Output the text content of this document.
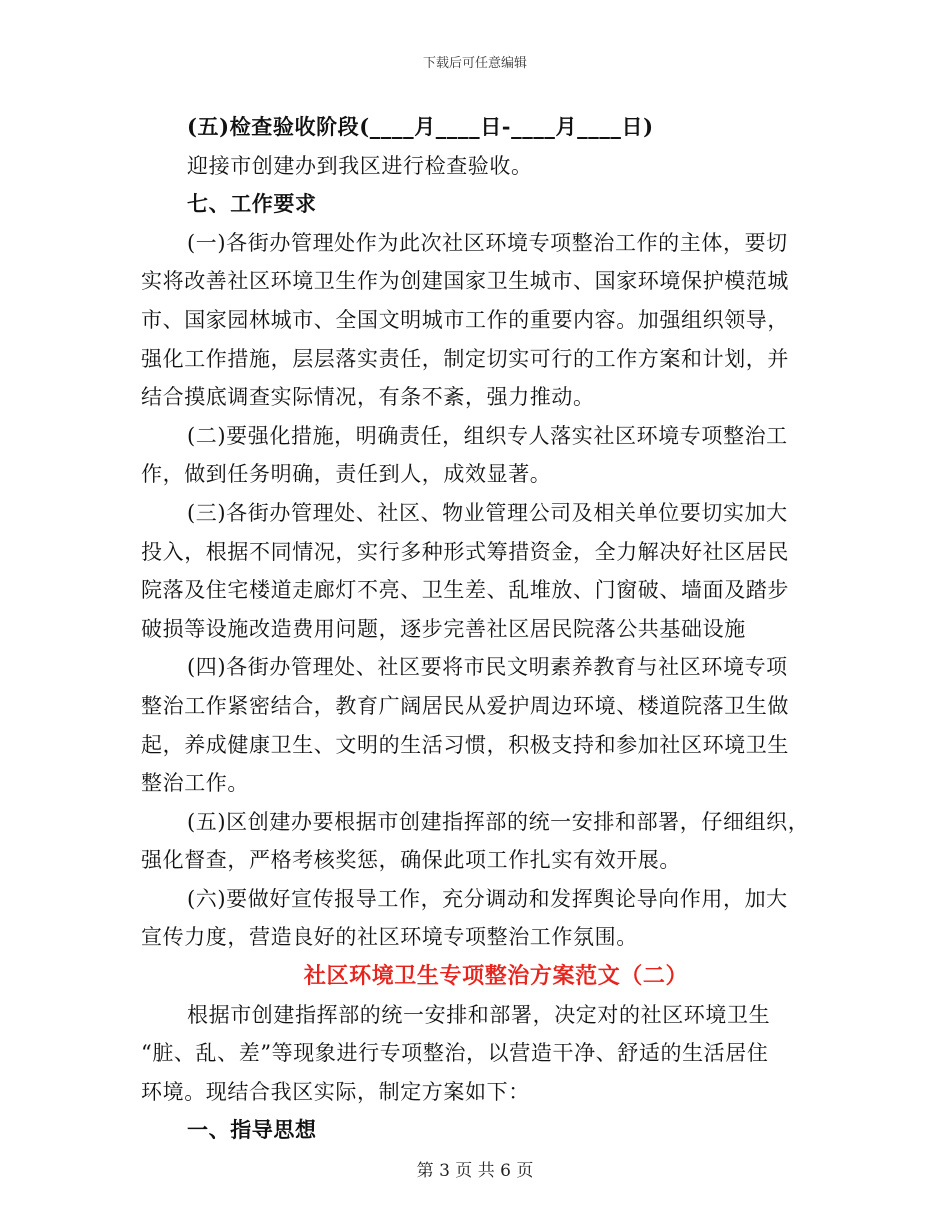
下载后可任意编辑
(五)检查验收阶段(____月____日-____月____日)
迎接市创建办到我区进行检查验收。
七、工作要求
(一)各街办管理处作为此次社区环境专项整治工作的主体，要切
实将改善社区环境卫生作为创建国家卫生城市、国家环境保护模范城
市、国家园林城市、全国文明城市工作的重要内容。加强组织领导，
强化工作措施，层层落实责任，制定切实可行的工作方案和计划，并
结合摸底调查实际情况，有条不紊，强力推动。
(二)要强化措施，明确责任，组织专人落实社区环境专项整治工
作，做到任务明确，责任到人，成效显著。
(三)各街办管理处、社区、物业管理公司及相关单位要切实加大
投入，根据不同情况，实行多种形式筹措资金，全力解决好社区居民
院落及住宅楼道走廊灯不亮、卫生差、乱堆放、门窗破、墙面及踏步
破损等设施改造费用问题，逐步完善社区居民院落公共基础设施
(四)各街办管理处、社区要将市民文明素养教育与社区环境专项
整治工作紧密结合，教育广阔居民从爱护周边环境、楼道院落卫生做
起，养成健康卫生、文明的生活习惯，积极支持和参加社区环境卫生
整治工作。
(五)区创建办要根据市创建指挥部的统一安排和部署，仔细组织，
强化督查，严格考核奖惩，确保此项工作扎实有效开展。
(六)要做好宣传报导工作，充分调动和发挥舆论导向作用，加大
宣传力度，营造良好的社区环境专项整治工作氛围。
社区环境卫生专项整治方案范文（二）
根据市创建指挥部的统一安排和部署，决定对的社区环境卫生
“脏、乱、差”等现象进行专项整治，以营造干净、舒适的生活居住
环境。现结合我区实际，制定方案如下：
一、指导思想
第 3 页 共 6 页
